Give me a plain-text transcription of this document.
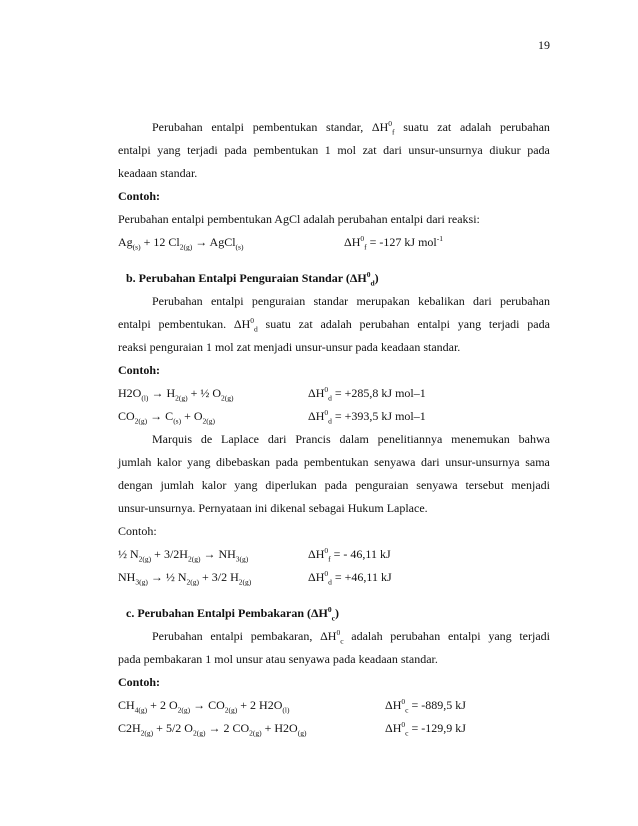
19
Perubahan entalpi pembentukan standar, $\Delta H^0_f$ suatu zat adalah perubahan
entalpi yang terjadi pada pembentukan 1 mol zat dari unsur-unsurnya diukur pada
keadaan standar.
Contoh:
Perubahan entalpi pembentukan AgCl adalah perubahan entalpi dari reaksi:
$Ag_{(s)} + 12$ $Cl_{2(g)}$ → AgCl$_{(s)}$	$\Delta H^0_f = -127$ kJ mol$^{-1}$
b. Perubahan Entalpi Penguraian Standar $(\Delta H^0_d)$
Perubahan entalpi penguraian standar merupakan kebalikan dari perubahan
entalpi pembentukan. $\Delta H^0_d$ suatu zat adalah perubahan entalpi yang terjadi pada
reaksi penguraian 1 mol zat menjadi unsur-unsur pada keadaan standar.
Contoh:
$H2O_{(l)} \to H_{2(g)}$ + ½ $O_{2(g)}$	$\Delta H^0_d = +285,8$ kJ mol–1
$CO_{2(g)} \to C_{(s)} + O_{2(g)}$	$\Delta H^0_d = +393,5$ kJ mol–1
Marquis de Laplace dari Prancis dalam penelitiannya menemukan bahwa
jumlah kalor yang dibebaskan pada pembentukan senyawa dari unsur-unsurnya sama
dengan jumlah kalor yang diperlukan pada penguraian senyawa tersebut menjadi
unsur-unsurnya. Pernyataan ini dikenal sebagai Hukum Laplace.
Contoh:
½ $N_{2(g)} + 3/2H_{2(g)} \to NH_{3(g)}$	$\Delta H^0_f$ = - 46,11 kJ
$NH_{3(g)}$ → ½ $N_{2(g)} + 3/2$ $H_{2(g)}$	$\Delta H^0_d = +46,11$ kJ
c. Perubahan Entalpi Pembakaran $(\Delta H^0_c)$
Perubahan entalpi pembakaran, $\Delta H^0_c$ adalah perubahan entalpi yang terjadi
pada pembakaran 1 mol unsur atau senyawa pada keadaan standar.
Contoh:
$CH_{4(g)} + 2$ $O_{2(g)} \to CO_{2(g)} + 2$ $H2O_{(l)}$	$\Delta H^0_c = -889,5$ kJ
$C2H_{2(g)} + 5/2$ $O_{2(g)} \to 2$ $CO_{2(g)} + H2O_{(g)}$	$\Delta H^0_c = -129,9$ kJ
